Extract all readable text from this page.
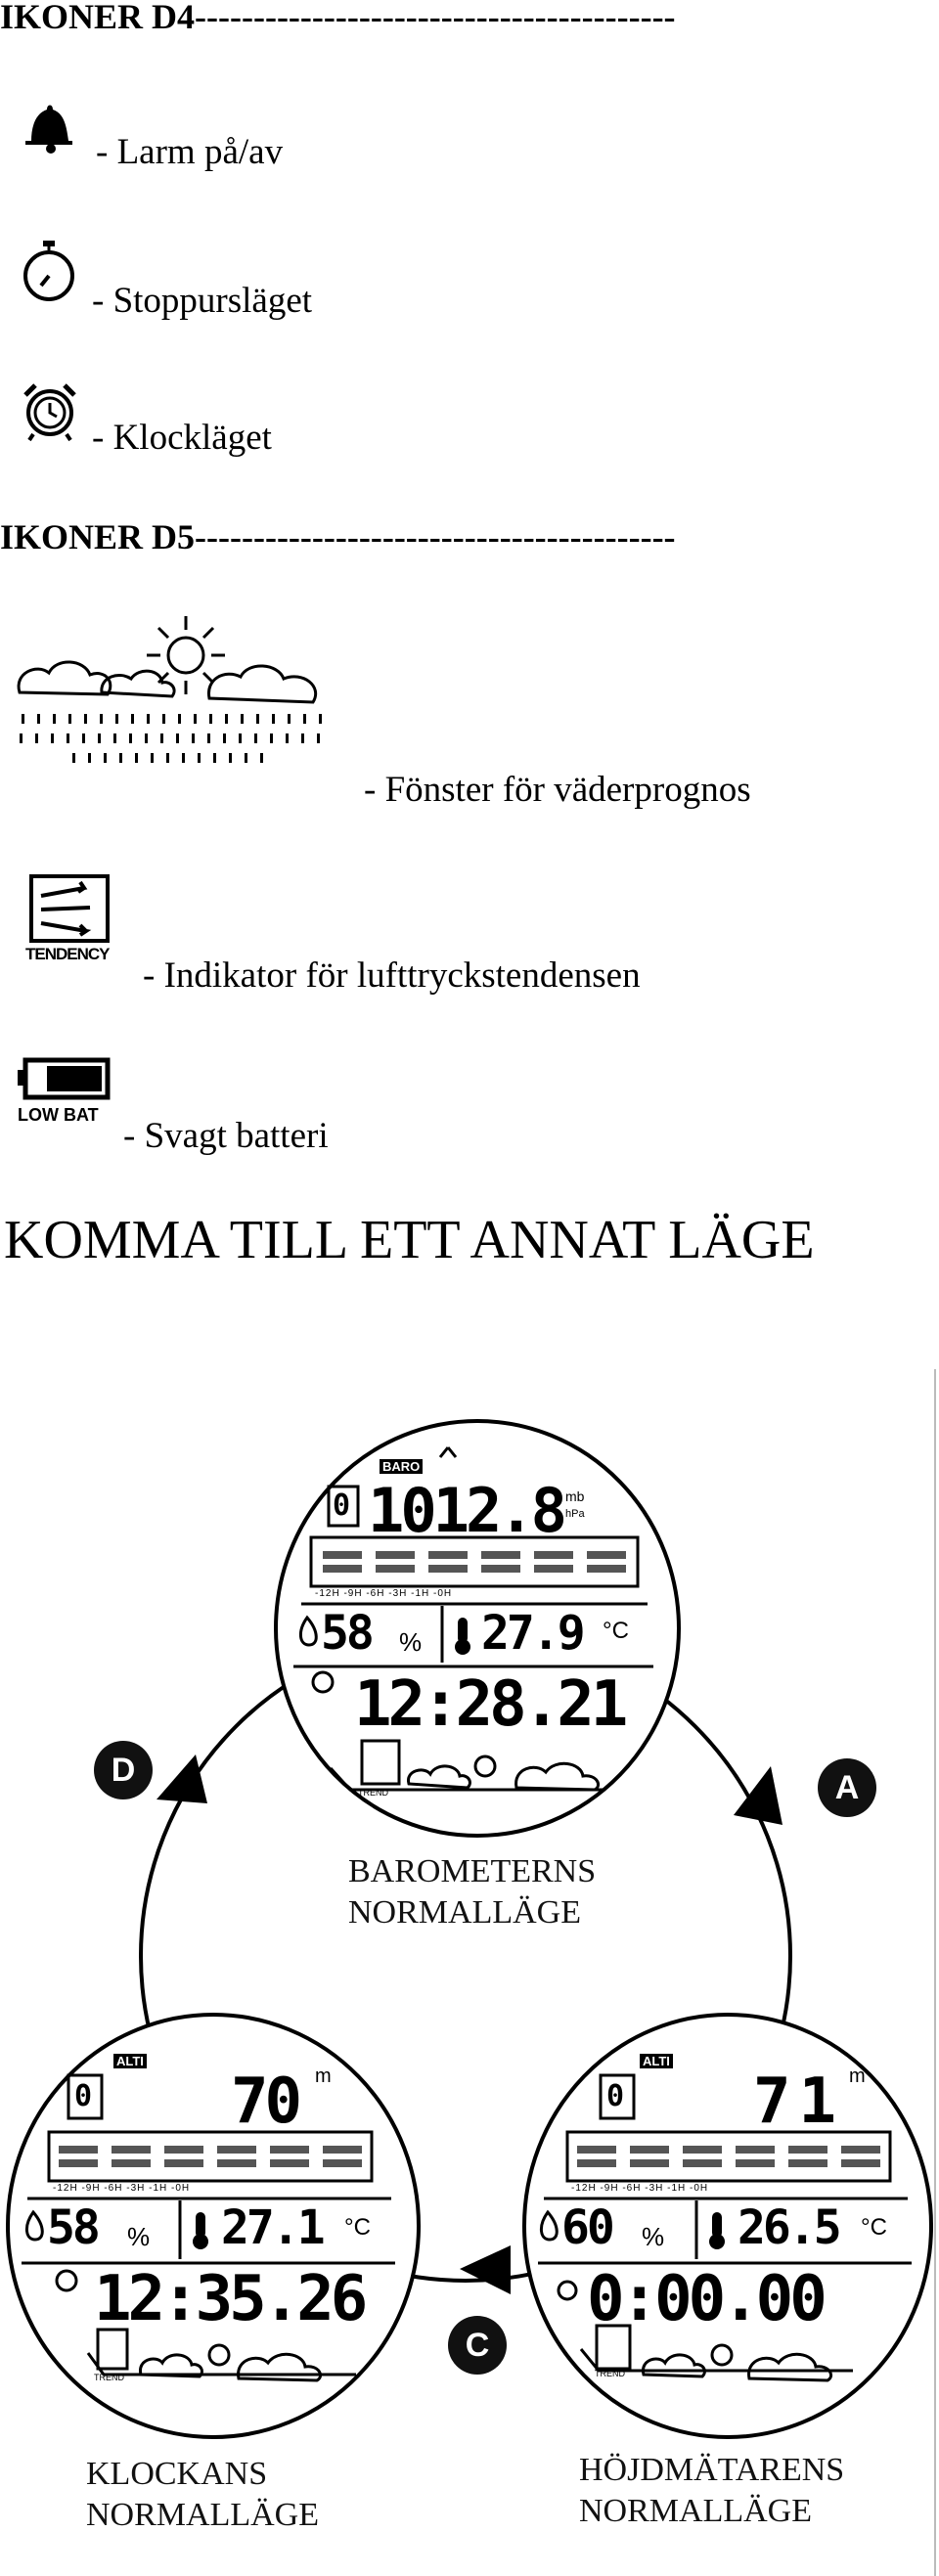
IKONER D4-----------------------------------------
- Larm på/av
- Stoppursläget
- Klockläget
IKONER D5-----------------------------------------
- Fönster för väderprognos
TENDENCY
- Indikator för lufttryckstendensen
LOW BAT
- Svagt batteri
KOMMA TILL ETT ANNAT LÄGE
D	A
C
BARO
0 1012.8 mb
hPa
-12H -9H -6H -3H -1H -0H
58 % 27.9 °C
12:28.21
TREND
BAROMETERNS
NORMALLÄGE
ALTI
0 70 m
-12H -9H -6H -3H -1H -0H
58 % 27.1 °C
12:35.26
TREND
KLOCKANS
NORMALLÄGE
ALTI
0 71 m
-12H -9H -6H -3H -1H -0H
60 % 26.5 °C
0:00.00
TREND
HÖJDMÄTARENS
NORMALLÄGE
